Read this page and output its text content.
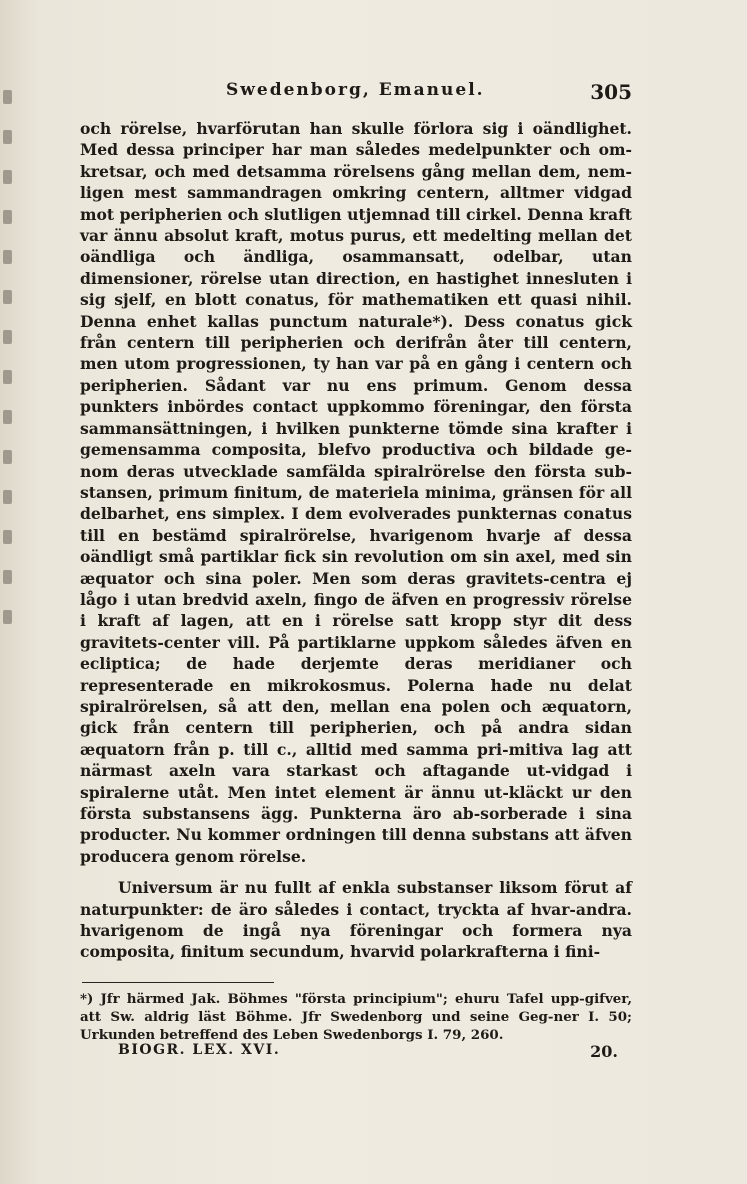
Swedenborg, Emanuel.	305

och rörelse, hvarförutan han skulle förlora sig i oändlighet. Med dessa principer har man således medelpunkter och om-kretsar, och med detsamma rörelsens gång mellan dem, nem-ligen mest sammandragen omkring centern, alltmer vidgad mot peripherien och slutligen utjemnad till cirkel. Denna kraft var ännu absolut kraft, motus purus, ett medelting mellan det oändliga och ändliga, osammansatt, odelbar, utan dimensioner, rörelse utan direction, en hastighet innesluten i sig sjelf, en blott conatus, för mathematiken ett quasi nihil. Denna enhet kallas punctum naturale*). Dess conatus gick från centern till peripherien och derifrån åter till centern, men utom progressionen, ty han var på en gång i centern och peripherien. Sådant var nu ens primum. Genom dessa punkters inbördes contact uppkommo föreningar, den första sammansättningen, i hvilken punkterne tömde sina krafter i gemensamma composita, blefvo productiva och bildade ge-nom deras utvecklade samfälda spiralrörelse den första sub-stansen, primum finitum, de materiela minima, gränsen för all delbarhet, ens simplex. I dem evolverades punkternas conatus till en bestämd spiralrörelse, hvarigenom hvarje af dessa oändligt små partiklar fick sin revolution om sin axel, med sin æquator och sina poler. Men som deras gravitets-centra ej lågo i utan bredvid axeln, fingo de äfven en progressiv rörelse i kraft af lagen, att en i rörelse satt kropp styr dit dess gravitets-center vill. På partiklarne uppkom således äfven en ecliptica; de hade derjemte deras meridianer och representerade en mikrokosmus. Polerna hade nu delat spiralrörelsen, så att den, mellan ena polen och æquatorn, gick från centern till peripherien, och på andra sidan æquatorn från p. till c., alltid med samma pri-mitiva lag att närmast axeln vara starkast och aftagande ut-vidgad i spiralerne utåt. Men intet element är ännu ut-kläckt ur den första substansens ägg. Punkterna äro ab-sorberade i sina producter. Nu kommer ordningen till denna substans att äfven producera genom rörelse.

Universum är nu fullt af enkla substanser liksom förut af naturpunkter: de äro således i contact, tryckta af hvar-andra. hvarigenom de ingå nya föreningar och formera nya composita, finitum secundum, hvarvid polarkrafterna i fini-

*) Jfr härmed Jak. Böhmes "första principium"; ehuru Tafel upp-gifver, att Sw. aldrig läst Böhme. Jfr Swedenborg und seine Geg-ner I. 50; Urkunden betreffend des Leben Swedenborgs I. 79, 260.
BIOGR. LEX. XVI.	20.
